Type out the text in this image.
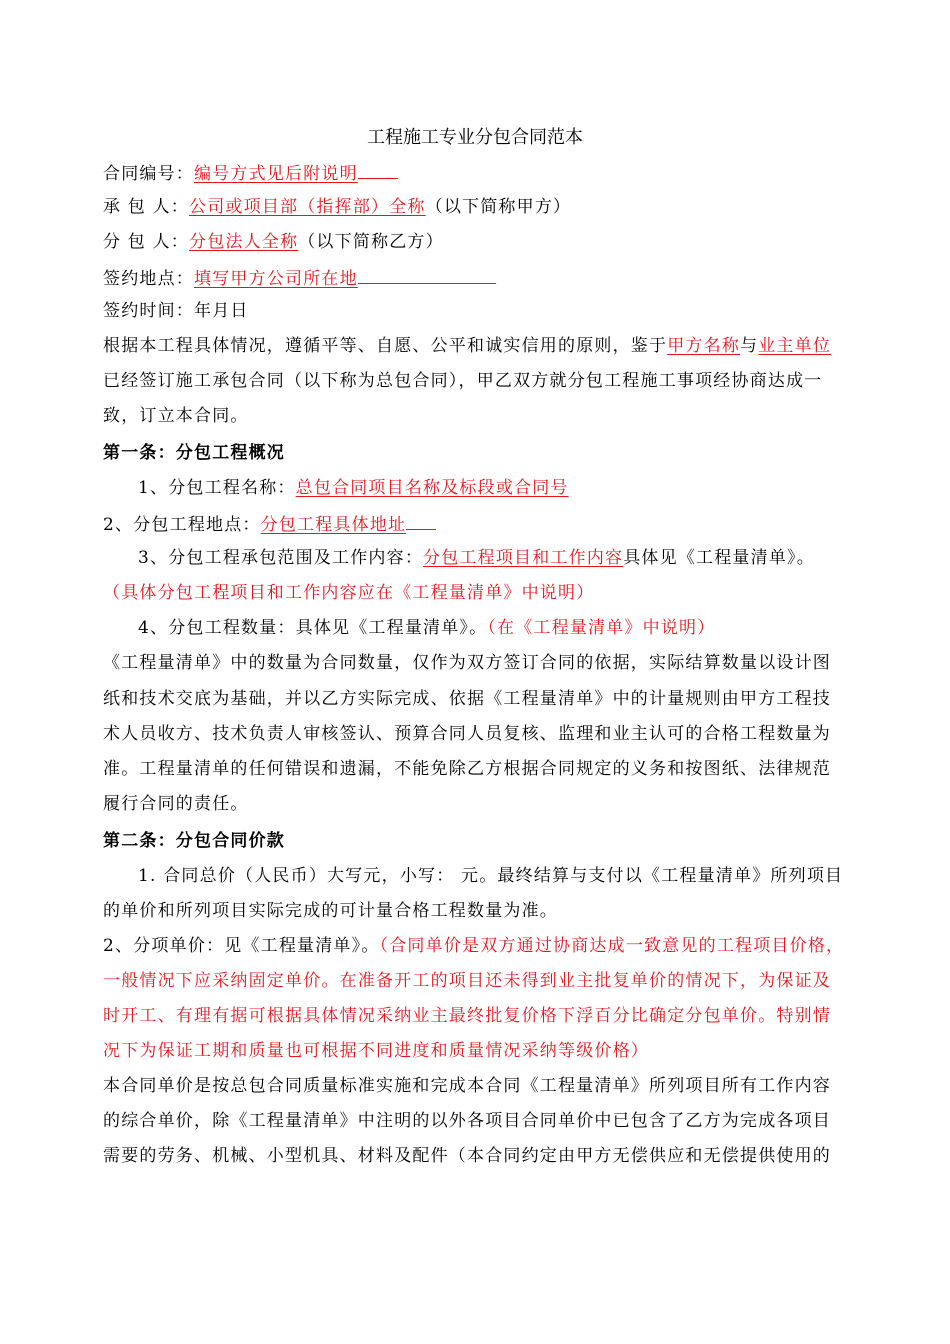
工程施工专业分包合同范本
合同编号：编号方式见后附说明
承 包 人：公司或项目部（指挥部）全称（以下简称甲方）
分 包 人：分包法人全称（以下简称乙方）
签约地点：填写甲方公司所在地
签约时间：年月日
根据本工程具体情况，遵循平等、自愿、公平和诚实信用的原则，鉴于甲方名称与业主单位
已经签订施工承包合同（以下称为总包合同），甲乙双方就分包工程施工事项经协商达成一
致，订立本合同。
第一条：分包工程概况
1、分包工程名称：总包合同项目名称及标段或合同号
2、分包工程地点：分包工程具体地址
3、分包工程承包范围及工作内容：分包工程项目和工作内容具体见《工程量清单》。
（具体分包工程项目和工作内容应在《工程量清单》中说明）
4、分包工程数量：具体见《工程量清单》。（在《工程量清单》中说明）
《工程量清单》中的数量为合同数量，仅作为双方签订合同的依据，实际结算数量以设计图
纸和技术交底为基础，并以乙方实际完成、依据《工程量清单》中的计量规则由甲方工程技
术人员收方、技术负责人审核签认、预算合同人员复核、监理和业主认可的合格工程数量为
准。工程量清单的任何错误和遗漏，不能免除乙方根据合同规定的义务和按图纸、法律规范
履行合同的责任。
第二条：分包合同价款
1. 合同总价（人民币）大写元，小写： 元。最终结算与支付以《工程量清单》所列项目
的单价和所列项目实际完成的可计量合格工程数量为准。
2、分项单价：见《工程量清单》。（合同单价是双方通过协商达成一致意见的工程项目价格，
一般情况下应采纳固定单价。在准备开工的项目还未得到业主批复单价的情况下，为保证及
时开工、有理有据可根据具体情况采纳业主最终批复价格下浮百分比确定分包单价。特别情
况下为保证工期和质量也可根据不同进度和质量情况采纳等级价格）
本合同单价是按总包合同质量标准实施和完成本合同《工程量清单》所列项目所有工作内容
的综合单价，除《工程量清单》中注明的以外各项目合同单价中已包含了乙方为完成各项目
需要的劳务、机械、小型机具、材料及配件（本合同约定由甲方无偿供应和无偿提供使用的
